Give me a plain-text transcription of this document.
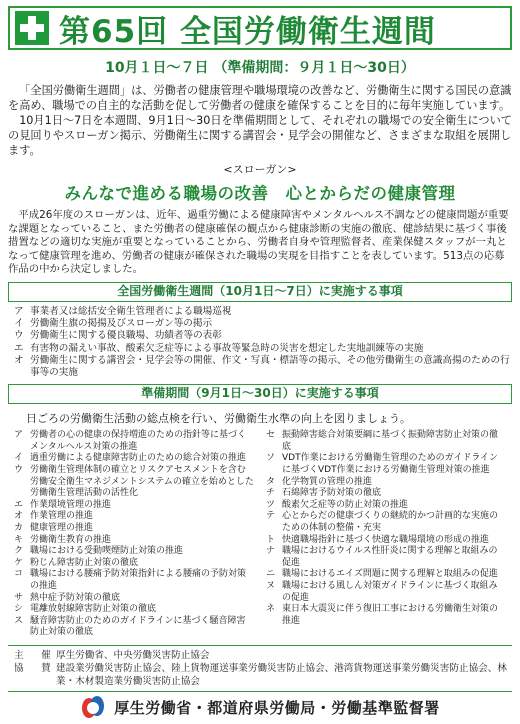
第65回 全国労働衛生週間
10月１日～７日 （準備期間：９月１日～30日）

「全国労働衛生週間」は、労働者の健康管理や職場環境の改善など、労働衛生に関する国民の意識を高め、職場での自主的な活動を促して労働者の健康を確保することを目的に毎年実施しています。

10月1日～7日を本週間、9月1日～30日を準備期間として、それぞれの職場での安全衛生についての見回りやスローガン掲示、労働衛生に関する講習会・見学会の開催など、さまざまな取組を展開します。

<スローガン>
みんなで進める職場の改善　心とからだの健康管理
平成26年度のスローガンは、近年、過重労働による健康障害やメンタルヘルス不調などの健康問題が重要な課題となっていること、また労働者の健康確保の観点から健康診断の実施の徹底、健診結果に基づく事後措置などの適切な実施が重要となっていることから、労働者自身や管理監督者、産業保健スタッフが一丸となって健康管理を進め、労働者の健康が確保された職場の実現を目指すことを表しています。513点の応募作品の中から決定しました。
全国労働衛生週間（10月1日～7日）に実施する事項
ア 事業者又は総括安全衛生管理者による職場巡視
イ 労働衛生旗の掲揚及びスローガン等の掲示
ウ 労働衛生に関する優良職場、功績者等の表彰
エ 有害物の漏えい事故、酸素欠乏症等による事故等緊急時の災害を想定した実地訓練等の実施
オ 労働衛生に関する講習会・見学会等の開催、作文・写真・標語等の掲示、その他労働衛生の意識高揚のための行事等の実施
準備期間（9月1日～30日）に実施する事項
日ごろの労働衛生活動の総点検を行い、労働衛生水準の向上を図りましょう。
ア 労働者の心の健康の保持増進のための指針等に基づくメンタルヘルス対策の推進
イ 過重労働による健康障害防止のための総合対策の推進
ウ 労働衛生管理体制の確立とリスクアセスメントを含む労働安全衛生マネジメントシステムの確立を始めとした労働衛生管理活動の活性化
エ 作業環境管理の推進
オ 作業管理の推進
カ 健康管理の推進
キ 労働衛生教育の推進
ク 職場における受動喫煙防止対策の推進
ケ 粉じん障害防止対策の徹底
コ 職場における腰痛予防対策指針による腰痛の予防対策の推進
サ 熱中症予防対策の徹底
シ 電離放射線障害防止対策の徹底
ス 騒音障害防止のためのガイドラインに基づく騒音障害防止対策の徹底
セ 振動障害総合対策要綱に基づく振動障害防止対策の徹底
ソ VDT作業における労働衛生管理のためのガイドラインに基づくVDT作業における労働衛生管理対策の推進
タ 化学物質の管理の推進
チ 石綿障害予防対策の徹底
ツ 酸素欠乏症等の防止対策の推進
テ 心とからだの健康づくりの継続的かつ計画的な実施のための体制の整備・充実
ト 快適職場指針に基づく快適な職場環境の形成の推進
ナ 職場におけるウイルス性肝炎に関する理解と取組みの促進
ニ 職場におけるエイズ問題に関する理解と取組みの促進
ヌ 職場における風しん対策ガイドラインに基づく取組みの促進
ネ 東日本大震災に伴う復旧工事における労働衛生対策の推進
主　催 厚生労働省、中央労働災害防止協会
協　賛 建設業労働災害防止協会、陸上貨物運送事業労働災害防止協会、港湾貨物運送事業労働災害防止協会、林業・木材製造業労働災害防止協会
厚生労働省・都道府県労働局・労働基準監督署
